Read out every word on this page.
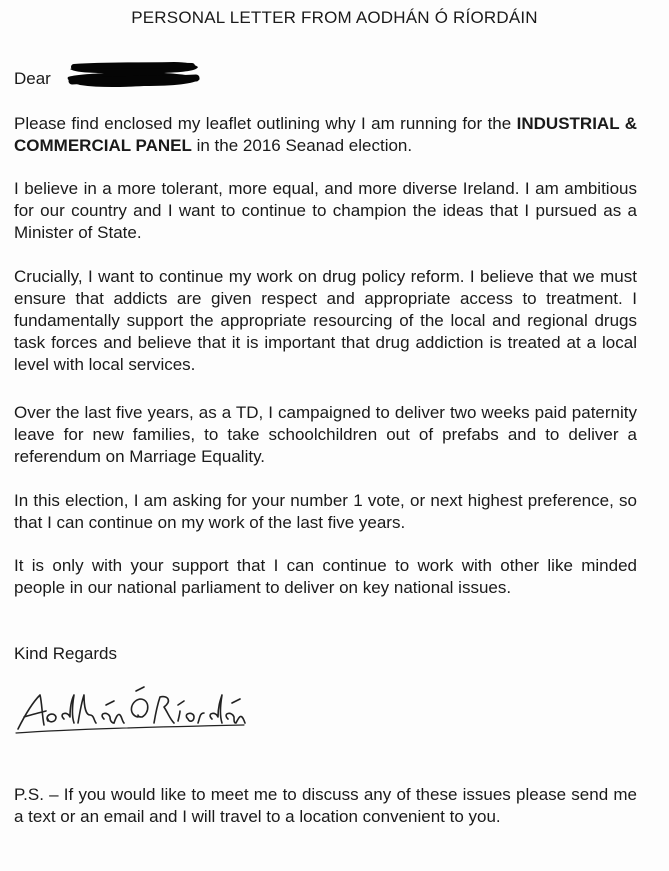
PERSONAL LETTER FROM AODHÁN Ó RÍORDÁIN
Dear

Please find enclosed my leaflet outlining why I am running for the INDUSTRIAL & COMMERCIAL PANEL in the 2016 Seanad election.

I believe in a more tolerant, more equal, and more diverse Ireland. I am ambitious for our country and I want to continue to champion the ideas that I pursued as a Minister of State.

Crucially, I want to continue my work on drug policy reform. I believe that we must ensure that addicts are given respect and appropriate access to treatment. I fundamentally support the appropriate resourcing of the local and regional drugs task forces and believe that it is important that drug addiction is treated at a local level with local services.

Over the last five years, as a TD, I campaigned to deliver two weeks paid paternity leave for new families, to take schoolchildren out of prefabs and to deliver a referendum on Marriage Equality.

In this election, I am asking for your number 1 vote, or next highest preference, so that I can continue on my work of the last five years.

It is only with your support that I can continue to work with other like minded people in our national parliament to deliver on key national issues.

Kind Regards

P.S. – If you would like to meet me to discuss any of these issues please send me a text or an email and I will travel to a location convenient to you.
